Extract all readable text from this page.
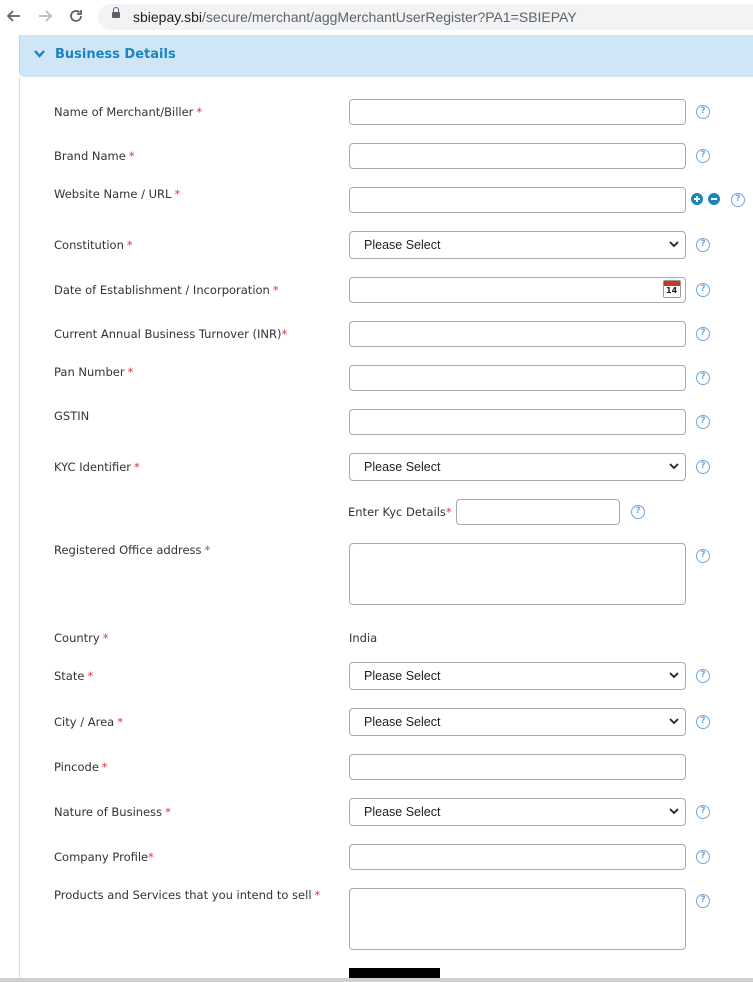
sbiepay.sbi/secure/merchant/aggMerchantUserRegister?PA1=SBIEPAY
Business Details
Name of Merchant/Biller *	?
Brand Name *	?
Website Name / URL *	?
Constitution *	Please Select	?
Date of Establishment / Incorporation *	14	?
Current Annual Business Turnover (INR)*	?
Pan Number *	?
GSTIN	?
KYC Identifier *	Please Select	?
Enter Kyc Details*	?
Registered Office address *	?
Country *	India
State *	Please Select	?
City / Area *	Please Select	?
Pincode *
Nature of Business *	Please Select	?
Company Profile*	?
Products and Services that you intend to sell *	?
